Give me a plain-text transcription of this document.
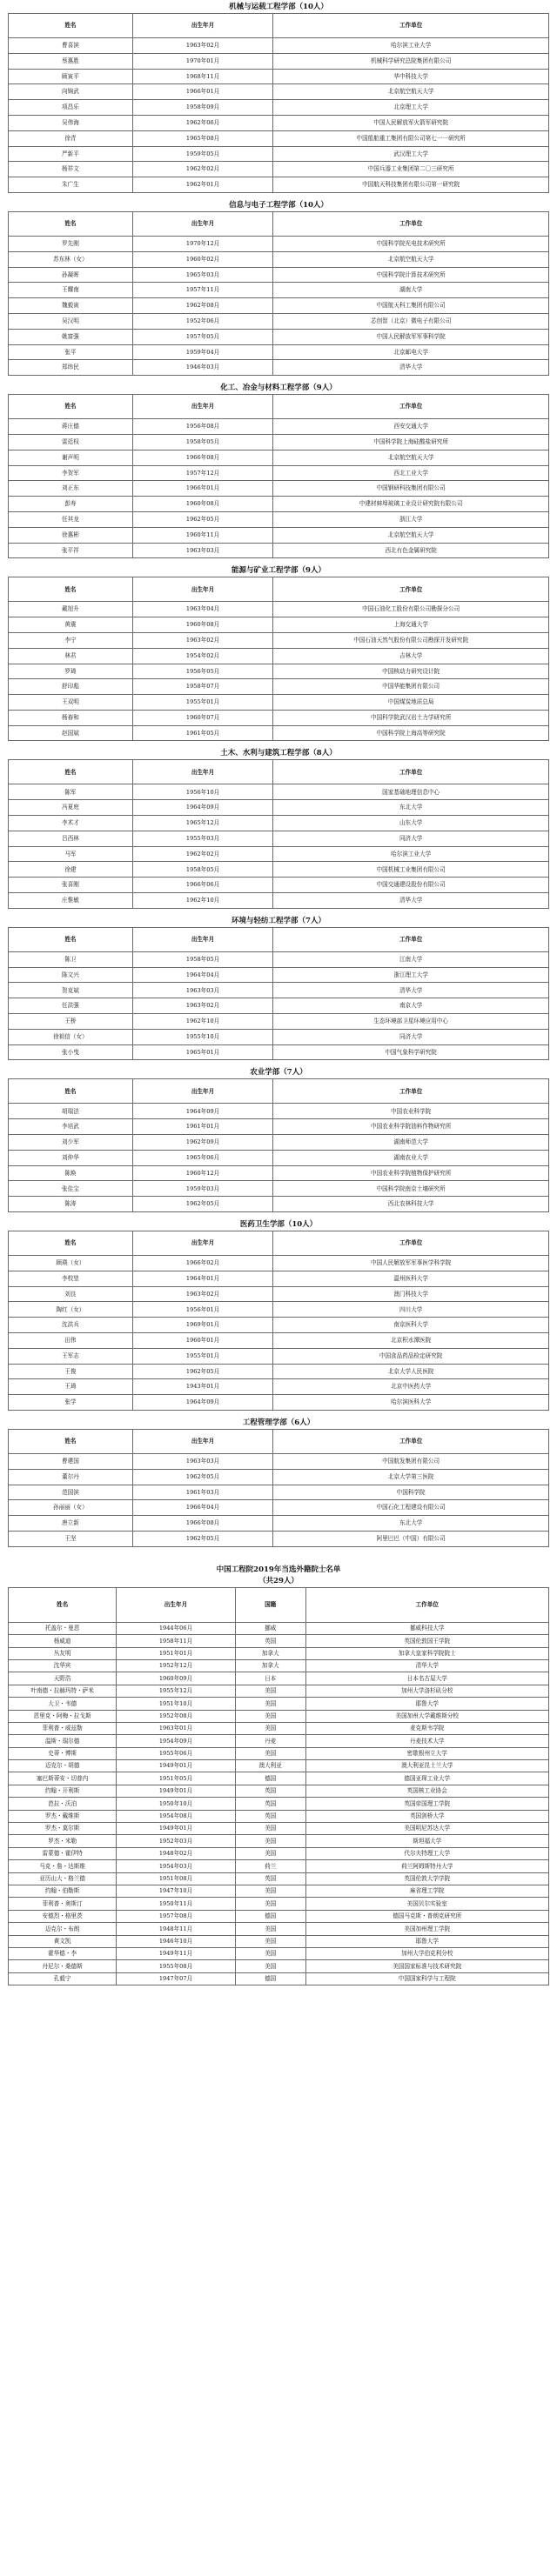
机械与运载工程学部（10人）
姓名	出生年月	工作单位
曹喜滨	1963年02月	哈尔滨工业大学
蔡惠胜	1970年01月	机械科学研究总院集团有限公司
顾寅平	1968年11月	华中科技大学
向锦武	1966年01月	北京航空航天大学
项昌乐	1958年09月	北京理工大学
吴伟海	1962年06月	中国人民解放军火箭军研究院
徐青	1965年08月	中国船舶重工集团有限公司第七一一研究所
严新平	1959年05月	武汉理工大学
杨祥文	1962年02月	中国兵器工业集团第二〇三研究所
朱广生	1962年01月	中国航天科技集团有限公司第一研究院
信息与电子工程学部（10人）
姓名	出生年月	工作单位
罗先刚	1970年12月	中国科学院光电技术研究所
苏东林（女）	1960年02月	北京航空航天大学
孙凝晖	1965年03月	中国科学院计算技术研究所
王耀南	1957年11月	湖南大学
魏毅寅	1962年08月	中国航天科工集团有限公司
吴汉明	1952年06月	芯创智（北京）微电子有限公司
姚富强	1957年05月	中国人民解放军军事科学院
张平	1959年04月	北京邮电大学
郑纬民	1946年03月	清华大学
化工、冶金与材料工程学部（9人）
姓名	出生年月	工作单位
蒋庄德	1956年08月	西安交通大学
雷廷权	1958年05月	中国科学院上海硅酸盐研究所
谢声明	1966年08月	北京航空航天大学
李贺军	1957年12月	西北工业大学
刘正东	1966年01月	中国钢研科技集团有限公司
彭寿	1960年08月	中建材蚌埠玻璃工业设计研究院有限公司
任其龙	1962年05月	浙江大学
徐惠彬	1960年11月	北京航空航天大学
张平祥	1963年03月	西北有色金属研究院
能源与矿业工程学部（9人）
姓名	出生年月	工作单位
戴旭升	1963年04月	中国石油化工股份有限公司勘探分公司
黄震	1960年08月	上海交通大学
李宁	1963年02月	中国石油天然气股份有限公司勘探开发研究院
林君	1954年02月	吉林大学
罗琦	1956年05月	中国核动力研究设计院
舒印彪	1958年07月	中国华能集团有限公司
王双明	1955年01月	中国煤炭地质总局
杨春和	1960年07月	中国科学院武汉岩土力学研究所
赵国斌	1961年05月	中国科学院上海高等研究院
土木、水利与建筑工程学部（8人）
姓名	出生年月	工作单位
陈军	1956年10月	国家基础地理信息中心
冯夏庭	1964年09月	东北大学
李术才	1965年12月	山东大学
吕西林	1955年03月	同济大学
马军	1962年02月	哈尔滨工业大学
徐建	1958年05月	中国机械工业集团有限公司
张喜刚	1966年06月	中国交通建设股份有限公司
庄惟敏	1962年10月	清华大学
环境与轻纺工程学部（7人）
姓名	出生年月	工作单位
陈卫	1958年05月	江南大学
陈文兴	1964年04月	浙江理工大学
贺克斌	1963年03月	清华大学
任洪强	1963年02月	南京大学
王桥	1962年10月	生态环境部卫星环境应用中心
徐祖信（女）	1955年10月	同济大学
张小曳	1965年01月	中国气象科学研究院
农业学部（7人）
姓名	出生年月	工作单位
胡瑞法	1964年09月	中国农业科学院
李培武	1961年01月	中国农业科学院油料作物研究所
刘少军	1962年09月	湖南师范大学
刘仲华	1965年06月	湖南农业大学
陈焕	1960年12月	中国农业科学院植物保护研究所
张佳宝	1959年03月	中国科学院南京土壤研究所
陈涛	1962年05月	西北农林科技大学
医药卫生学部（10人）
姓名	出生年月	工作单位
顾瑛（女）	1966年02月	中国人民解放军军事医学科学院
李校堃	1964年01月	温州医科大学
刘良	1963年02月	澳门科技大学
陶红（女）	1956年01月	四川大学
沈洪兵	1969年01月	南京医科大学
田伟	1960年01月	北京积水潭医院
王军志	1955年01月	中国食品药品检定研究院
王俊	1962年05月	北京大学人民医院
王琦	1943年01月	北京中医药大学
张学	1964年09月	哈尔滨医科大学
工程管理学部（6人）
姓名	出生年月	工作单位
曹建国	1963年03月	中国航发集团有限公司
董尔丹	1962年05月	北京大学第三医院
范国滨	1961年03月	中国科学院
孙丽丽（女）	1966年04月	中国石化工程建设有限公司
唐立新	1966年08月	东北大学
王坚	1962年05月	阿里巴巴（中国）有限公司
中国工程院2019年当选外籍院士名单
（共29人）
姓名	出生年月	国籍	工作单位
托盖尔・曼恩	1944年06月	挪威	挪威科技大学
杨威迪	1958年11月	英国	英国伦敦国王学院
丛友明	1951年01月	加拿大	加拿大皇家科学院院士
沈华宾	1952年12月	加拿大	清华大学
天野浩	1960年09月	日本	日本名古屋大学
叶南德・拉赫玛特・萨米	1955年12月	美国	加州大学洛杉矶分校
大卫・韦德	1951年10月	美国	耶鲁大学
恩里克・阿梅・拉戈斯	1952年08月	美国	美国加州大学戴维斯分校
菲利普・威兹勒	1963年01月	美国	麦克斯韦学院
温斯・瑞尔德	1954年09月	丹麦	丹麦技术大学
史蒂・博斯	1955年06月	美国	密歇根州立大学
迈克尔・胡德	1949年01月	澳大利亚	澳大利亚昆士兰大学
塞巴斯蒂安・切普内	1951年05月	德国	德国亚琛工业大学
约翰・开利斯	1949年01月	英国	英国核工业协会
芭拉・沃泊	1950年10月	英国	英国帝国理工学院
罗杰・戴维斯	1954年08月	英国	英国剑桥大学
罗杰・莫尔斯	1949年01月	美国	美国明尼苏达大学
罗杰・米勒	1952年03月	美国	斯坦福大学
雷蒙德・霍伊特	1948年02月	美国	代尔夫特理工大学
马克・詹・达斯维	1954年03月	荷兰	荷兰阿姆斯特丹大学
亚历山大・格兰德	1951年08月	英国	英国伦敦大学学院
约翰・伯勒斯	1947年10月	美国	麻省理工学院
菲利普・奥斯汀	1950年11月	美国	美国贝尔实验室
安德烈・格里茨	1957年08月	德国	德国马克斯・普朗克研究所
迈克尔・布朗	1948年11月	美国	美国加州理工学院
黄文凯	1946年10月	美国	耶鲁大学
霍华德・李	1949年11月	美国	加州大学伯克利分校
丹尼尔・桑德斯	1955年08月	美国	美国国家标准与技术研究院
孔毅宁	1947年07月	德国	中国国家科学与工程院
